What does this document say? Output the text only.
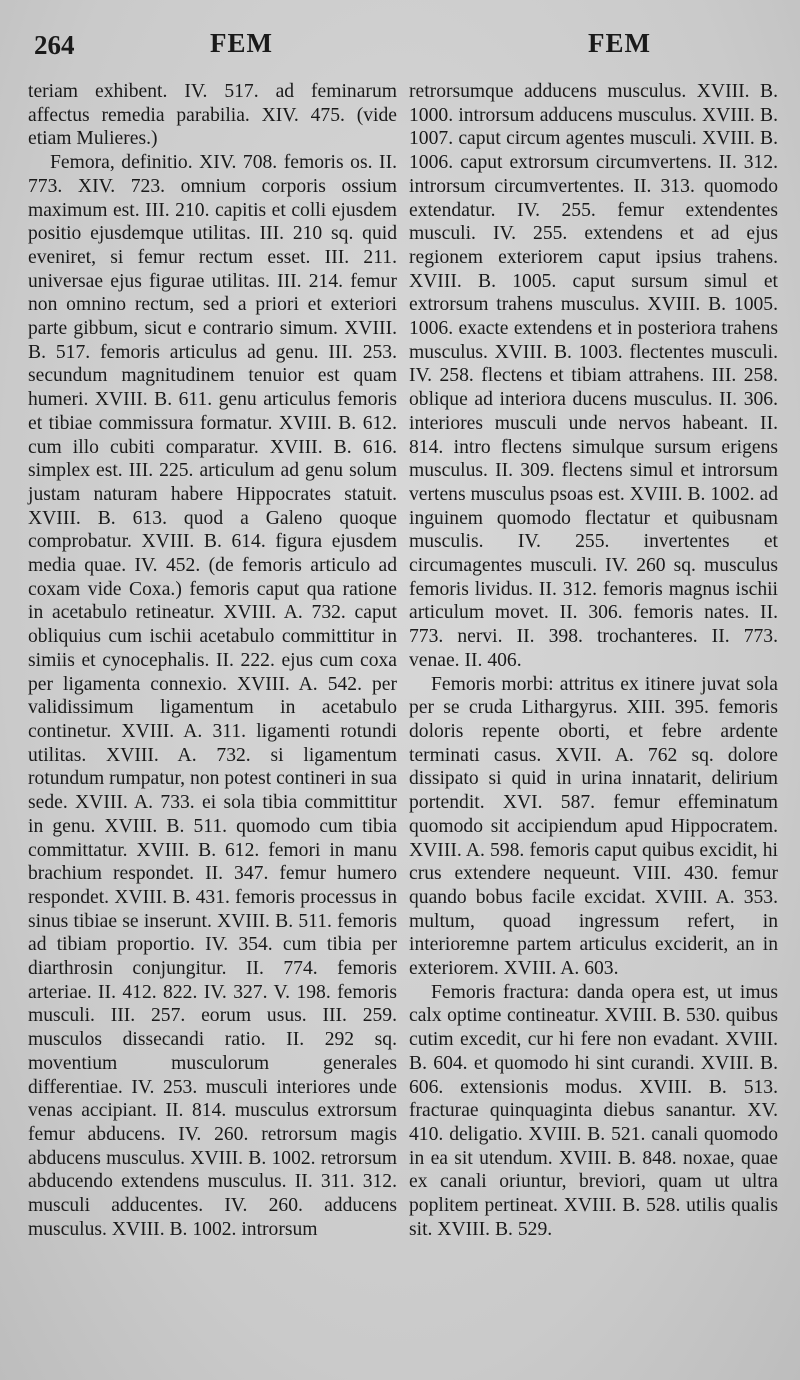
264	FEM	FEM

teriam exhibent. IV. 517. ad feminarum affectus remedia parabilia. XIV. 475. (vide etiam Mulieres.)

Femora, definitio. XIV. 708. femoris os. II. 773. XIV. 723. omnium corporis ossium maximum est. III. 210. capitis et colli ejusdem positio ejusdemque utilitas. III. 210 sq. quid eveniret, si femur rectum esset. III. 211. universae ejus figurae utilitas. III. 214. femur non omnino rectum, sed a priori et exteriori parte gibbum, sicut e contrario simum. XVIII. B. 517. femoris articulus ad genu. III. 253. secundum magnitudinem tenuior est quam humeri. XVIII. B. 611. genu articulus femoris et tibiae commissura formatur. XVIII. B. 612. cum illo cubiti comparatur. XVIII. B. 616. simplex est. III. 225. articulum ad genu solum justam naturam habere Hippocrates statuit. XVIII. B. 613. quod a Galeno quoque comprobatur. XVIII. B. 614. figura ejusdem media quae. IV. 452. (de femoris articulo ad coxam vide Coxa.) femoris caput qua ratione in acetabulo retineatur. XVIII. A. 732. caput obliquius cum ischii acetabulo committitur in simiis et cynocephalis. II. 222. ejus cum coxa per ligamenta connexio. XVIII. A. 542. per validissimum ligamentum in acetabulo continetur. XVIII. A. 311. ligamenti rotundi utilitas. XVIII. A. 732. si ligamentum rotundum rumpatur, non potest contineri in sua sede. XVIII. A. 733. ei sola tibia committitur in genu. XVIII. B. 511. quomodo cum tibia committatur. XVIII. B. 612. femori in manu brachium respondet. II. 347. femur humero respondet. XVIII. B. 431. femoris processus in sinus tibiae se inserunt. XVIII. B. 511. femoris ad tibiam proportio. IV. 354. cum tibia per diarthrosin conjungitur. II. 774. femoris arteriae. II. 412. 822. IV. 327. V. 198. femoris musculi. III. 257. eorum usus. III. 259. musculos dissecandi ratio. II. 292 sq. moventium musculorum generales differentiae. IV. 253. musculi interiores unde venas accipiant. II. 814. musculus extrorsum femur abducens. IV. 260. retrorsum magis abducens musculus. XVIII. B. 1002. retrorsum abducendo extendens musculus. II. 311. 312. musculi adducentes. IV. 260. adducens musculus. XVIII. B. 1002. introrsum

retrorsumque adducens musculus. XVIII. B. 1000. introrsum adducens musculus. XVIII. B. 1007. caput circum agentes musculi. XVIII. B. 1006. caput extrorsum circumvertens. II. 312. introrsum circumvertentes. II. 313. quomodo extendatur. IV. 255. femur extendentes musculi. IV. 255. extendens et ad ejus regionem exteriorem caput ipsius trahens. XVIII. B. 1005. caput sursum simul et extrorsum trahens musculus. XVIII. B. 1005. 1006. exacte extendens et in posteriora trahens musculus. XVIII. B. 1003. flectentes musculi. IV. 258. flectens et tibiam attrahens. III. 258. oblique ad interiora ducens musculus. II. 306. interiores musculi unde nervos habeant. II. 814. intro flectens simulque sursum erigens musculus. II. 309. flectens simul et introrsum vertens musculus psoas est. XVIII. B. 1002. ad inguinem quomodo flectatur et quibusnam musculis. IV. 255. invertentes et circumagentes musculi. IV. 260 sq. musculus femoris lividus. II. 312. femoris magnus ischii articulum movet. II. 306. femoris nates. II. 773. nervi. II. 398. trochanteres. II. 773. venae. II. 406.

Femoris morbi: attritus ex itinere juvat sola per se cruda Lithargyrus. XIII. 395. femoris doloris repente oborti, et febre ardente terminati casus. XVII. A. 762 sq. dolore dissipato si quid in urina innatarit, delirium portendit. XVI. 587. femur effeminatum quomodo sit accipiendum apud Hippocratem. XVIII. A. 598. femoris caput quibus excidit, hi crus extendere nequeunt. VIII. 430. femur quando bobus facile excidat. XVIII. A. 353. multum, quoad ingressum refert, in interioremne partem articulus exciderit, an in exteriorem. XVIII. A. 603.

Femoris fractura: danda opera est, ut imus calx optime contineatur. XVIII. B. 530. quibus cutim excedit, cur hi fere non evadant. XVIII. B. 604. et quomodo hi sint curandi. XVIII. B. 606. extensionis modus. XVIII. B. 513. fracturae quinquaginta diebus sanantur. XV. 410. deligatio. XVIII. B. 521. canali quomodo in ea sit utendum. XVIII. B. 848. noxae, quae ex canali oriuntur, breviori, quam ut ultra poplitem pertineat. XVIII. B. 528. utilis qualis sit. XVIII. B. 529.
